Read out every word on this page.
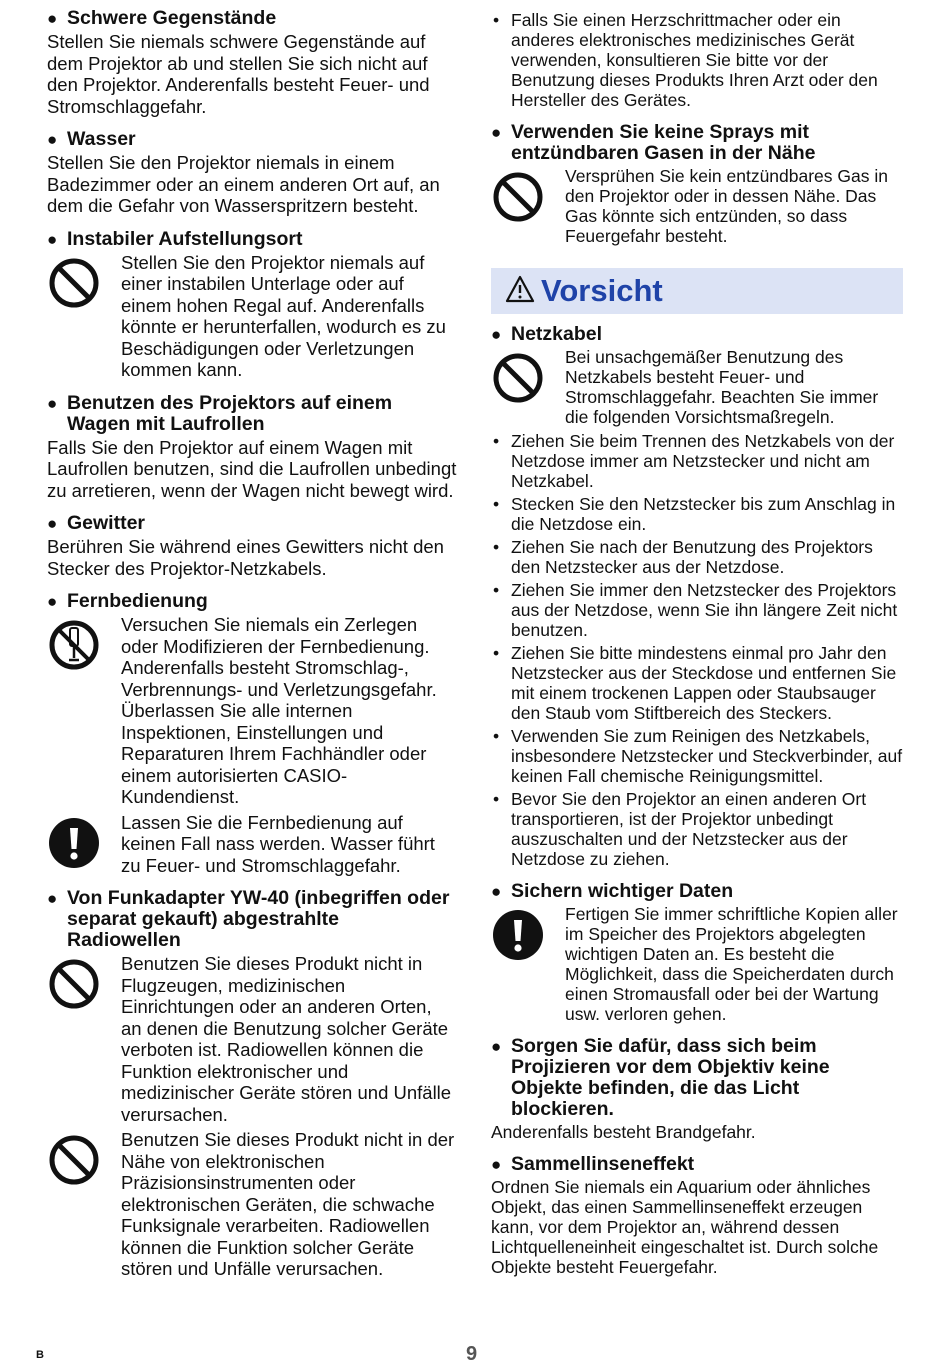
● Schwere Gegenstände
Stellen Sie niemals schwere Gegenstände auf dem Projektor ab und stellen Sie sich nicht auf den Projektor. Anderenfalls besteht Feuer- und Stromschlaggefahr.
● Wasser
Stellen Sie den Projektor niemals in einem Badezimmer oder an einem anderen Ort auf, an dem die Gefahr von Wasserspritzern besteht.
● Instabiler Aufstellungsort
Stellen Sie den Projektor niemals auf einer instabilen Unterlage oder auf einem hohen Regal auf. Anderenfalls könnte er herunterfallen, wodurch es zu Beschädigungen oder Verletzungen kommen kann.
● Benutzen des Projektors auf einem Wagen mit Laufrollen
Falls Sie den Projektor auf einem Wagen mit Laufrollen benutzen, sind die Laufrollen unbedingt zu arretieren, wenn der Wagen nicht bewegt wird.
● Gewitter
Berühren Sie während eines Gewitters nicht den Stecker des Projektor-Netzkabels.
● Fernbedienung
Versuchen Sie niemals ein Zerlegen oder Modifizieren der Fernbedienung. Anderenfalls besteht Stromschlag-, Verbrennungs- und Verletzungsgefahr. Überlassen Sie alle internen Inspektionen, Einstellungen und Reparaturen Ihrem Fachhändler oder einem autorisierten CASIO-Kundendienst.
Lassen Sie die Fernbedienung auf keinen Fall nass werden. Wasser führt zu Feuer- und Stromschlaggefahr.
● Von Funkadapter YW-40 (inbegriffen oder separat gekauft) abgestrahlte Radiowellen
Benutzen Sie dieses Produkt nicht in Flugzeugen, medizinischen Einrichtungen oder an anderen Orten, an denen die Benutzung solcher Geräte verboten ist. Radiowellen können die Funktion elektronischer und medizinischer Geräte stören und Unfälle verursachen.
Benutzen Sie dieses Produkt nicht in der Nähe von elektronischen Präzisionsinstrumenten oder elektronischen Geräten, die schwache Funksignale verarbeiten. Radiowellen können die Funktion solcher Geräte stören und Unfälle verursachen.
• Falls Sie einen Herzschrittmacher oder ein anderes elektronisches medizinisches Gerät verwenden, konsultieren Sie bitte vor der Benutzung dieses Produkts Ihren Arzt oder den Hersteller des Gerätes.
● Verwenden Sie keine Sprays mit entzündbaren Gasen in der Nähe
Versprühen Sie kein entzündbares Gas in den Projektor oder in dessen Nähe. Das Gas könnte sich entzünden, so dass Feuergefahr besteht.
Vorsicht
● Netzkabel
Bei unsachgemäßer Benutzung des Netzkabels besteht Feuer- und Stromschlaggefahr. Beachten Sie immer die folgenden Vorsichtsmaßregeln.
• Ziehen Sie beim Trennen des Netzkabels von der Netzdose immer am Netzstecker und nicht am Netzkabel.
• Stecken Sie den Netzstecker bis zum Anschlag in die Netzdose ein.
• Ziehen Sie nach der Benutzung des Projektors den Netzstecker aus der Netzdose.
• Ziehen Sie immer den Netzstecker des Projektors aus der Netzdose, wenn Sie ihn längere Zeit nicht benutzen.
• Ziehen Sie bitte mindestens einmal pro Jahr den Netzstecker aus der Steckdose und entfernen Sie mit einem trockenen Lappen oder Staubsauger den Staub vom Stiftbereich des Steckers.
• Verwenden Sie zum Reinigen des Netzkabels, insbesondere Netzstecker und Steckverbinder, auf keinen Fall chemische Reinigungsmittel.
• Bevor Sie den Projektor an einen anderen Ort transportieren, ist der Projektor unbedingt auszuschalten und der Netzstecker aus der Netzdose zu ziehen.
● Sichern wichtiger Daten
Fertigen Sie immer schriftliche Kopien aller im Speicher des Projektors abgelegten wichtigen Daten an. Es besteht die Möglichkeit, dass die Speicherdaten durch einen Stromausfall oder bei der Wartung usw. verloren gehen.
● Sorgen Sie dafür, dass sich beim Projizieren vor dem Objektiv keine Objekte befinden, die das Licht blockieren.
Anderenfalls besteht Brandgefahr.
● Sammellinseneffekt
Ordnen Sie niemals ein Aquarium oder ähnliches Objekt, das einen Sammellinseneffekt erzeugen kann, vor dem Projektor an, während dessen Lichtquelleneinheit eingeschaltet ist. Durch solche Objekte besteht Feuergefahr.
B	9
